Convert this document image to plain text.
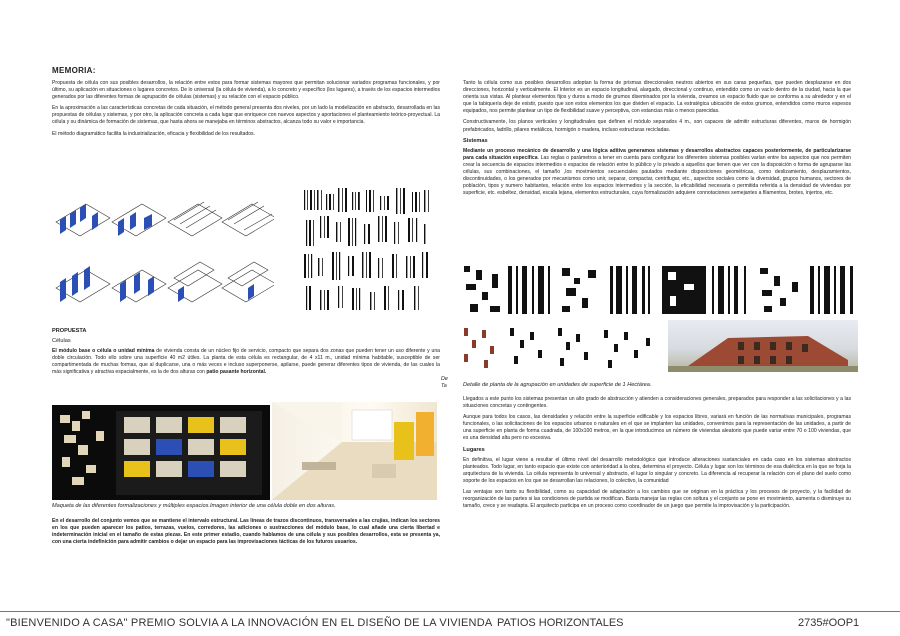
MEMORIA:

Propuesta de célula con sus posibles desarrollos, la relación entre estos para formar sistemas mayores que permitan solucionar variados programas funcionales, y por último, su aplicación en situaciones o lugares concretos. De lo universal (la célula de vivienda), a lo concreto y específico (los lugares), a través de los espacios intermedios generados por las diferentes formas de agrupación de células (sistemas) y su relación con el espacio público.

En la aproximación a las características concretas de cada situación, el método general presenta dos niveles, por un lado la modelización en abstracto, desarrollada en las propuestas de células y sistemas, y por otro, la aplicación concreta a cada lugar que enriquece con nuevos aspectos y aportaciones el planteamiento teórico-proyectual. La célula y su dinámica de formación de sistemas, que hasta ahora se manejaba en términos abstractos, alcanza todo su valor e importancia.

El método diagramático facilita la industrialización, eficacia y flexibilidad de los resultados.

PROPUESTA
Células

El módulo base o célula o unidad mínima de vivienda consta de un núcleo fijo de servicio, compacto que separa dos zonas que pueden tener un uso diferente y una doble circulación. Todo ello sobre una superficie 40 m2 útiles. La planta de esta célula es rectangular, de 4 x11 m., unidad mínima habitable, susceptible de ser compartimentada de muchas formas, que al duplicarse, una o más veces e incluso superponerse, apilarse, puede generar diferentes tipos de vivienda, de las cuales la más significativa y atractiva espacialmente, es la de dos alturas con patio pasante horizontal.

De Ta
Maqueta de las diferentes formalizaciones y múltiples espacios.Imagen interior de una célula doble en dos alturas.

En el desarrollo del conjunto vemos que se mantiene el intervalo estructural. Las líneas de trazos discontinuos, transversales a las crujías, indican los sectores en los que pueden aparecer los patios, terrazas, vuelos, corredores, las adiciones o sustracciones del módulo base, lo cual añade una cierta libertad e indeterminación inicial en el tamaño de estas piezas. En este primer estadio, cuando hablamos de una célula y sus posibles desarrollos, esta se presenta ya, con una cierta indefinición para admitir cambios o dejar un espacio para las improvisaciones tácticas de los futuros usuarios.

Tanto la célula como sus posibles desarrollos adoptan la forma de prismas direccionales neutros abiertos en sus caras pequeñas, que pueden desplazarse en dos direcciones, horizontal y verticalmente. El Interior es un espacio longitudinal, alargado, direccional y continuo, entendido como un vacío dentro de la ciudad, hacia la que orienta sus vistas. Al plantear elementos fijos y duros a modo de grumos diseminados por la vivienda, creamos un espacio fluido que se conforma a su alrededor y en el que la tabiquería deje de existir, puesto que son estos elementos los que dividen el espacio. La estratégica ubicación de estos grumos, entendidos como muros espesos equipados, nos permite plantear un tipo de flexibilidad suave y perceptiva, con estancias más o menos parecidas.

Constructivamente, los planos verticales y longitudinales que definen el módulo separados 4 m., son capaces de admitir estructuras diferentes, muros de hormigón prefabricados, ladrillo, pilares metálicos, hormigón o madera, incluso estructuras recicladas.

Sistemas

Mediante un proceso mecánico de desarrollo y una lógica aditiva generamos sistemas y desarrollos abstractos capaces posteriormente, de particularizarse para cada situación específica. Las reglas o parámetros a tener en cuenta para configurar los diferentes sistemas posibles varían entre los aspectos que nos permiten crear la secuencia de espacios intermedios o espacios de relación entre lo público y lo privado a aquellos que tienen que ver con la disposición o forma de agruparse las células, sus combinaciones, el tamaño ,los movimientos secuenciales pautados mediante disposiciones geométricas, como deslizamiento, desplazamientos, discontinuidades, o los generados por mecanismos como unir, separar, compactar, centrifugar, etc., aspectos sociales como la diversidad, grupos humanos, sectores de población, tipos y numero habitantes, relación entre los espacios intermedios y la sección, la eficabilidad necesaria o permitida referida a la densidad de viviendas por superficie, etc. esbeltez, densidad, escala lejana, elementos estructurales, cuya formalización adquiere connotaciones semejantes a filamentos, brotes, injertos, etc.

Detalle de planta de la agrupación en unidades de superficie de 1 Hectárea.

Llegados a este punto los sistemas presentan un alto grado de abstracción y atienden a consideraciones generales, preparados para responder a las solicitaciones y a las situaciones concretas y contingentes.

Aunque para todos los casos, las densidades y relación entre la superficie edificable y los espacios libres, variará en función de las normativas municipales, programas funcionales, o las solicitaciones de los espacios urbanos o naturales en el que se implanten las unidades, convenimos para la representación de las unidades, a partir de una superficie en planta de forma cuadrada, de 100x100 metros, en la que introducimos un número de viviendas aleatorio que puede variar entre 70 o 100 viviendas, que es una densidad alta pero no excesiva.

Lugares

En definitiva, el lugar viene a resultar el último nivel del desarrollo metodológico que introduce alteraciones sustanciales en cada caso en los sistemas abstractos planteados. Todo lugar, en tanto espacio que existe con anterioridad a la obra, determina el proyecto. Célula y lugar son los términos de esa dialéctica en la que se forja la arquitectura de la vivienda. La célula representa lo universal y abstracto, el lugar lo singular y concreto. La diferencia al recuperar la relación con el plano del suelo como soporte de los espacios en los que se desarrollan las relaciones, lo colectivo, la comunidad

Las ventajas son tanto su flexibilidad, como su capacidad de adaptación a los cambios que se originan en la práctica y los procesos de proyecto, y la facilidad de reorganización de las partes si las condiciones de partida se modifican. Basta manejar las reglas con soltura y el conjunto se pone en movimiento, aumenta o disminuye su tamaño, crece y se readapta. El arquitecto participa en un proceso como coordinador de un juego que permite la improvisación y la participación.

"BIENVENIDO A CASA" PREMIO SOLVIA A LA INNOVACIÓN EN EL DISEÑO DE LA VIVIENDA PATIOS HORIZONTALES	2735#OOP1
